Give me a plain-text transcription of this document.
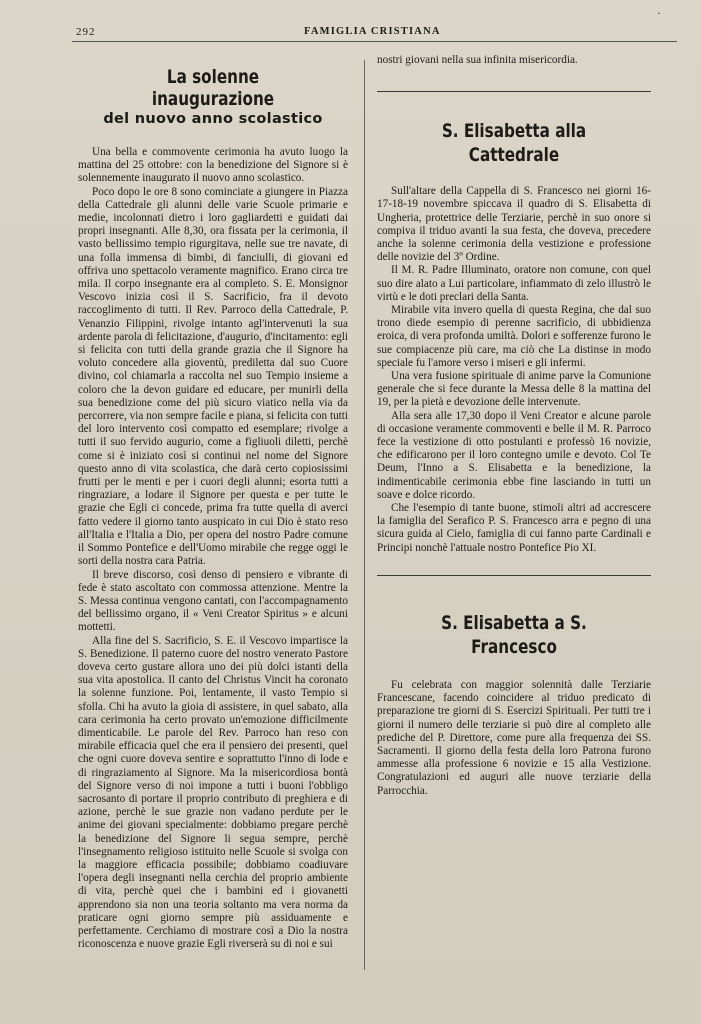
292	FAMIGLIA CRISTIANA
·
La solenne inaugurazione
del nuovo anno scolastico

Una bella e commovente cerimonia ha avuto luogo la mattina del 25 ottobre: con la benedizione del Signore si è solennemente inaugurato il nuovo anno scolastico.

Poco dopo le ore 8 sono cominciate a giungere in Piazza della Cattedrale gli alunni delle varie Scuole primarie e medie, incolonnati dietro i loro gagliardetti e guidati dai propri insegnanti. Alle 8,30, ora fissata per la cerimonia, il vasto bellissimo tempio rigurgitava, nelle sue tre navate, di una folla immensa di bimbi, di fanciulli, di giovani ed offriva uno spettacolo veramente magnifico. Erano circa tre mila. Il corpo insegnante era al completo. S. E. Monsignor Vescovo inizia così il S. Sacrificio, fra il devoto raccoglimento di tutti. Il Rev. Parroco della Cattedrale, P. Venanzio Filippini, rivolge intanto agl'intervenuti la sua ardente parola di felicitazione, d'augurio, d'incitamento: egli si felicita con tutti della grande grazia che il Signore ha voluto concedere alla gioventù, prediletta dal suo Cuore divino, col chiamarla a raccolta nel suo Tempio insieme a coloro che la devon guidare ed educare, per munirli della sua benedizione come del più sicuro viatico nella via da percorrere, via non sempre facile e piana, si felicita con tutti del loro intervento così compatto ed esemplare; rivolge a tutti il suo fervido augurio, come a figliuoli diletti, perchè come si è iniziato così si continui nel nome del Signore questo anno di vita scolastica, che darà certo copiosissimi frutti per le menti e per i cuori degli alunni; esorta tutti a ringraziare, a lodare il Signore per questa e per tutte le grazie che Egli ci concede, prima fra tutte quella di averci fatto vedere il giorno tanto auspicato in cui Dio è stato reso all'Italia e l'Italia a Dio, per opera del nostro Padre comune il Sommo Pontefice e dell'Uomo mirabile che regge oggi le sorti della nostra cara Patria.

Il breve discorso, così denso di pensiero e vibrante di fede è stato ascoltato con commossa attenzione. Mentre la S. Messa continua vengono cantati, con l'accompagnamento del bellissimo organo, il « Veni Creator Spiritus » e alcuni mottetti.

Alla fine del S. Sacrificio, S. E. il Vescovo impartisce la S. Benedizione. Il paterno cuore del nostro venerato Pastore doveva certo gustare allora uno dei più dolci istanti della sua vita apostolica. Il canto del Christus Vincit ha coronato la solenne funzione. Poi, lentamente, il vasto Tempio si sfolla. Chi ha avuto la gioia di assistere, in quel sabato, alla cara cerimonia ha certo provato un'emozione difficilmente dimenticabile. Le parole del Rev. Parroco han reso con mirabile efficacia quel che era il pensiero dei presenti, quel che ogni cuore doveva sentire e soprattutto l'inno di lode e di ringraziamento al Signore. Ma la misericordiosa bontà del Signore verso di noi impone a tutti i buoni l'obbligo sacrosanto di portare il proprio contributo di preghiera e di azione, perchè le sue grazie non vadano perdute per le anime dei giovani specialmente: dobbiamo pregare perchè la benedizione del Signore li segua sempre, perchè l'insegnamento religioso istituito nelle Scuole si svolga con la maggiore efficacia possibile; dobbiamo coadiuvare l'opera degli insegnanti nella cerchia del proprio ambiente di vita, perchè quei che i bambini ed i giovanetti apprendono sia non una teoria soltanto ma vera norma da praticare ogni giorno sempre più assiduamente e perfettamente. Cerchiamo di mostrare così a Dio la nostra riconoscenza e nuove grazie Egli riverserà su di noi e sui

nostri giovani nella sua infinita misericordia.

S. Elisabetta alla Cattedrale

Sull'altare della Cappella di S. Francesco nei giorni 16-17-18-19 novembre spiccava il quadro di S. Elisabetta di Ungheria, protettrice delle Terziarie, perchè in suo onore si compiva il triduo avanti la sua festa, che doveva, precedere anche la solenne cerimonia della vestizione e professione delle novizie del 3º Ordine.

Il M. R. Padre Illuminato, oratore non comune, con quel suo dire alato a Lui particolare, infiammato di zelo illustrò le virtù e le doti preclari della Santa.

Mirabile vita invero quella di questa Regina, che dal suo trono diede esempio di perenne sacrificio, di ubbidienza eroica, di vera profonda umiltà. Dolori e sofferenze furono le sue compiacenze più care, ma ciò che La distinse in modo speciale fu l'amore verso i miseri e gli infermi.

Una vera fusione spirituale di anime parve la Comunione generale che si fece durante la Messa delle 8 la mattina del 19, per la pietà e devozione delle intervenute.

Alla sera alle 17,30 dopo il Veni Creator e alcune parole di occasione veramente commoventi e belle il M. R. Parroco fece la vestizione di otto postulanti e professò 16 novizie, che edificarono per il loro contegno umile e devoto. Col Te Deum, l'Inno a S. Elisabetta e la benedizione, la indimenticabile cerimonia ebbe fine lasciando in tutti un soave e dolce ricordo.

Che l'esempio di tante buone, stimoli altri ad accrescere la famiglia del Serafico P. S. Francesco arra e pegno di una sicura guida al Cielo, famiglia di cui fanno parte Cardinali e Principi nonchè l'attuale nostro Pontefice Pio XI.

S. Elisabetta a S. Francesco

Fu celebrata con maggior solennità dalle Terziarie Francescane, facendo coincidere al triduo predicato di preparazione tre giorni di S. Esercizi Spirituali. Per tutti tre i giorni il numero delle terziarie si può dire al completo alle prediche del P. Direttore, come pure alla frequenza dei SS. Sacramenti. Il giorno della festa della loro Patrona furono ammesse alla professione 6 novizie e 15 alla Vestizione. Congratulazioni ed auguri alle nuove terziarie della Parrocchia.
